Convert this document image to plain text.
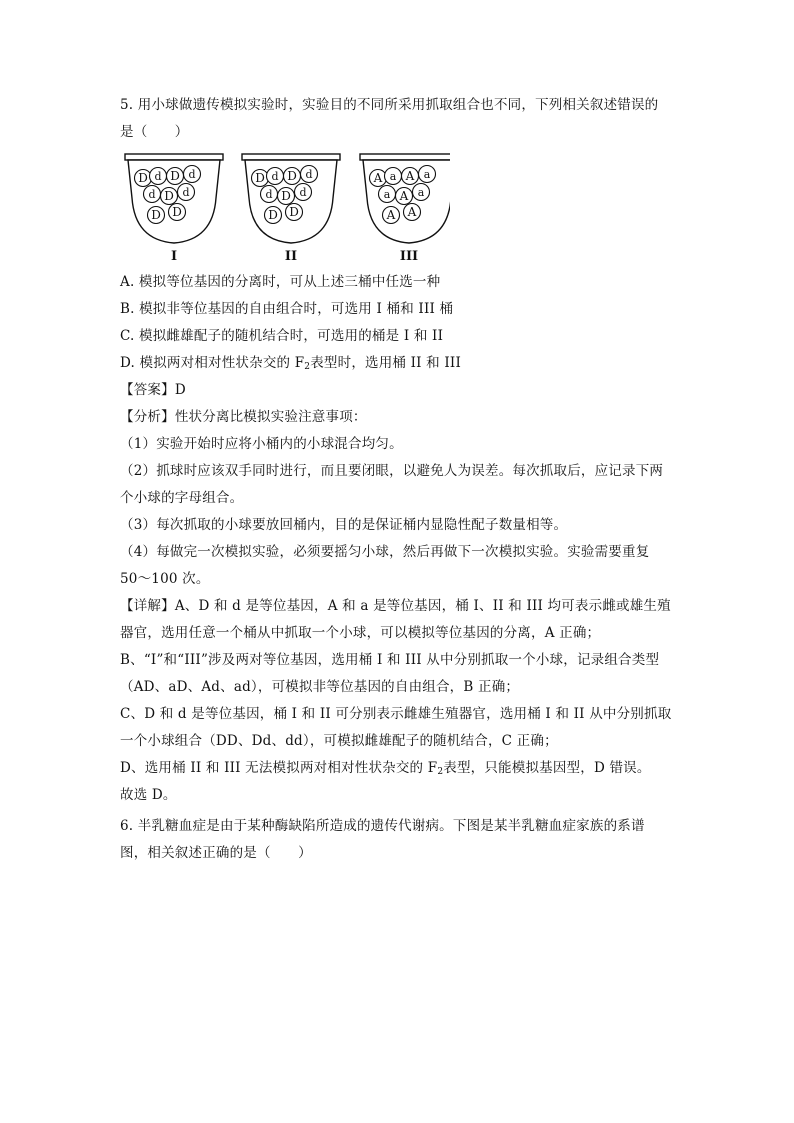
5. 用小球做遗传模拟实验时，实验目的不同所采用抓取组合也不同，下列相关叙述错误的
是（　　）
D d D d
d D d
D D
I
D d D d
d D d
D D
II
A a A a
a A a
A A
III
A. 模拟等位基因的分离时，可从上述三桶中任选一种
B. 模拟非等位基因的自由组合时，可选用 I 桶和 III 桶
C. 模拟雌雄配子的随机结合时，可选用的桶是 I 和 II
D. 模拟两对相对性状杂交的 $F_2$表型时，选用桶 II 和 III
【答案】D
【分析】性状分离比模拟实验注意事项：
（1）实验开始时应将小桶内的小球混合均匀。
（2）抓球时应该双手同时进行，而且要闭眼，以避免人为误差。每次抓取后，应记录下两
个小球的字母组合。
（3）每次抓取的小球要放回桶内，目的是保证桶内显隐性配子数量相等。
（4）每做完一次模拟实验，必须要摇匀小球，然后再做下一次模拟实验。实验需要重复
50～100 次。
【详解】A、D 和 d 是等位基因，A 和 a 是等位基因，桶 I、II 和 III 均可表示雌或雄生殖
器官，选用任意一个桶从中抓取一个小球，可以模拟等位基因的分离，A 正确；
B、“I”和“III”涉及两对等位基因，选用桶 I 和 III 从中分别抓取一个小球，记录组合类型
（AD、aD、Ad、ad），可模拟非等位基因的自由组合，B 正确；
C、D 和 d 是等位基因，桶 I 和 II 可分别表示雌雄生殖器官，选用桶 I 和 II 从中分别抓取
一个小球组合（DD、Dd、dd），可模拟雌雄配子的随机结合，C 正确；
D、选用桶 II 和 III 无法模拟两对相对性状杂交的 $F_2$表型，只能模拟基因型，D 错误。
故选 D。
6. 半乳糖血症是由于某种酶缺陷所造成的遗传代谢病。下图是某半乳糖血症家族的系谱
图，相关叙述正确的是（　　）
